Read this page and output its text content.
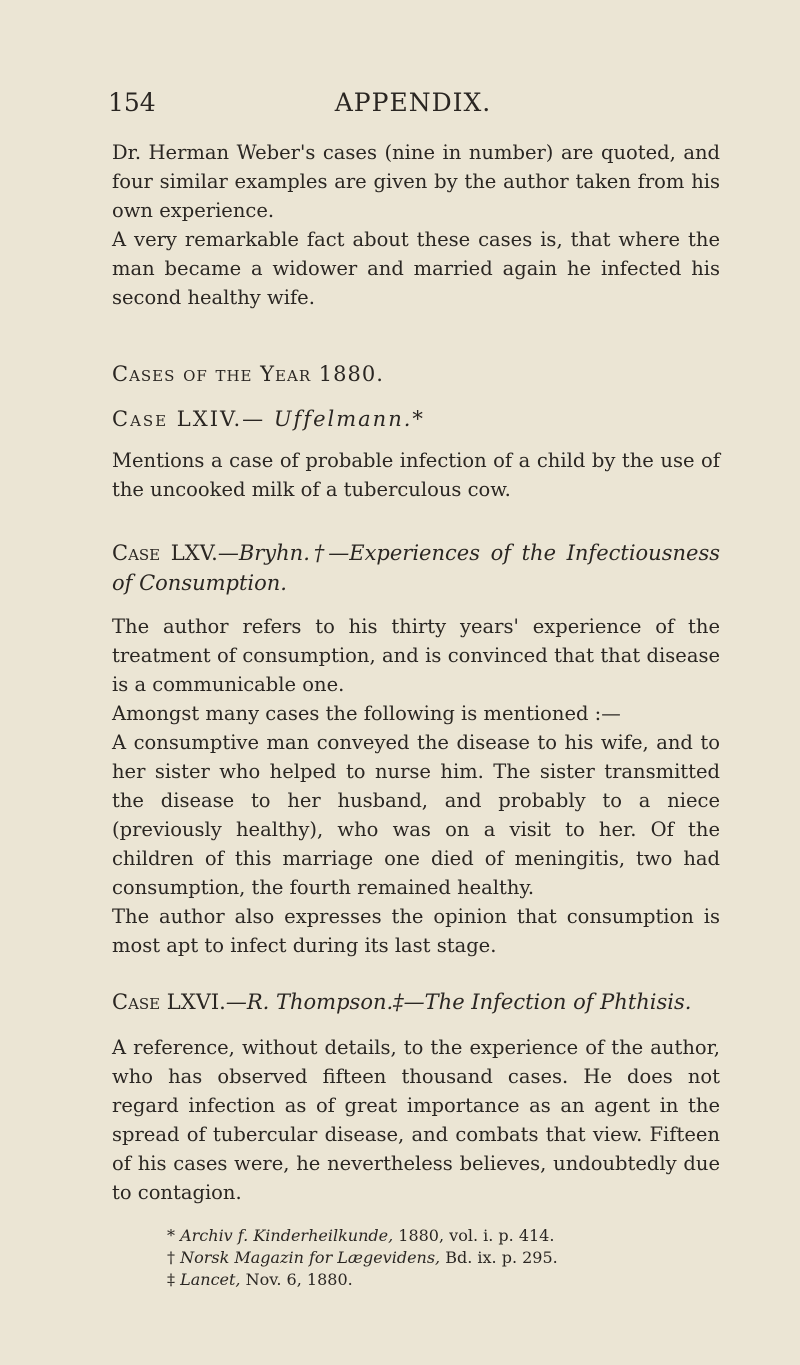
154	APPENDIX.

Dr. Herman Weber's cases (nine in number) are quoted, and four similar examples are given by the author taken from his own experience.

A very remarkable fact about these cases is, that where the man became a widower and married again he infected his second healthy wife.

Cases of the Year 1880.

Case LXIV.— Uffelmann.*

Mentions a case of probable infection of a child by the use of the uncooked milk of a tuberculous cow.

Case LXV.—Bryhn.†—Experiences of the Infectiousness of Consumption.

The author refers to his thirty years' experience of the treatment of consumption, and is convinced that that disease is a communicable one.

Amongst many cases the following is mentioned :—

A consumptive man conveyed the disease to his wife, and to her sister who helped to nurse him. The sister transmitted the disease to her husband, and probably to a niece (previously healthy), who was on a visit to her. Of the children of this marriage one died of meningitis, two had consumption, the fourth remained healthy.

The author also expresses the opinion that consumption is most apt to infect during its last stage.

Case LXVI.—R. Thompson.‡—The Infection of Phthisis.

A reference, without details, to the experience of the author, who has observed fifteen thousand cases. He does not regard infection as of great importance as an agent in the spread of tubercular disease, and combats that view. Fifteen of his cases were, he nevertheless believes, undoubtedly due to contagion.

* Archiv f. Kinderheilkunde, 1880, vol. i. p. 414.
† Norsk Magazin for Lægevidens, Bd. ix. p. 295.
‡ Lancet, Nov. 6, 1880.
